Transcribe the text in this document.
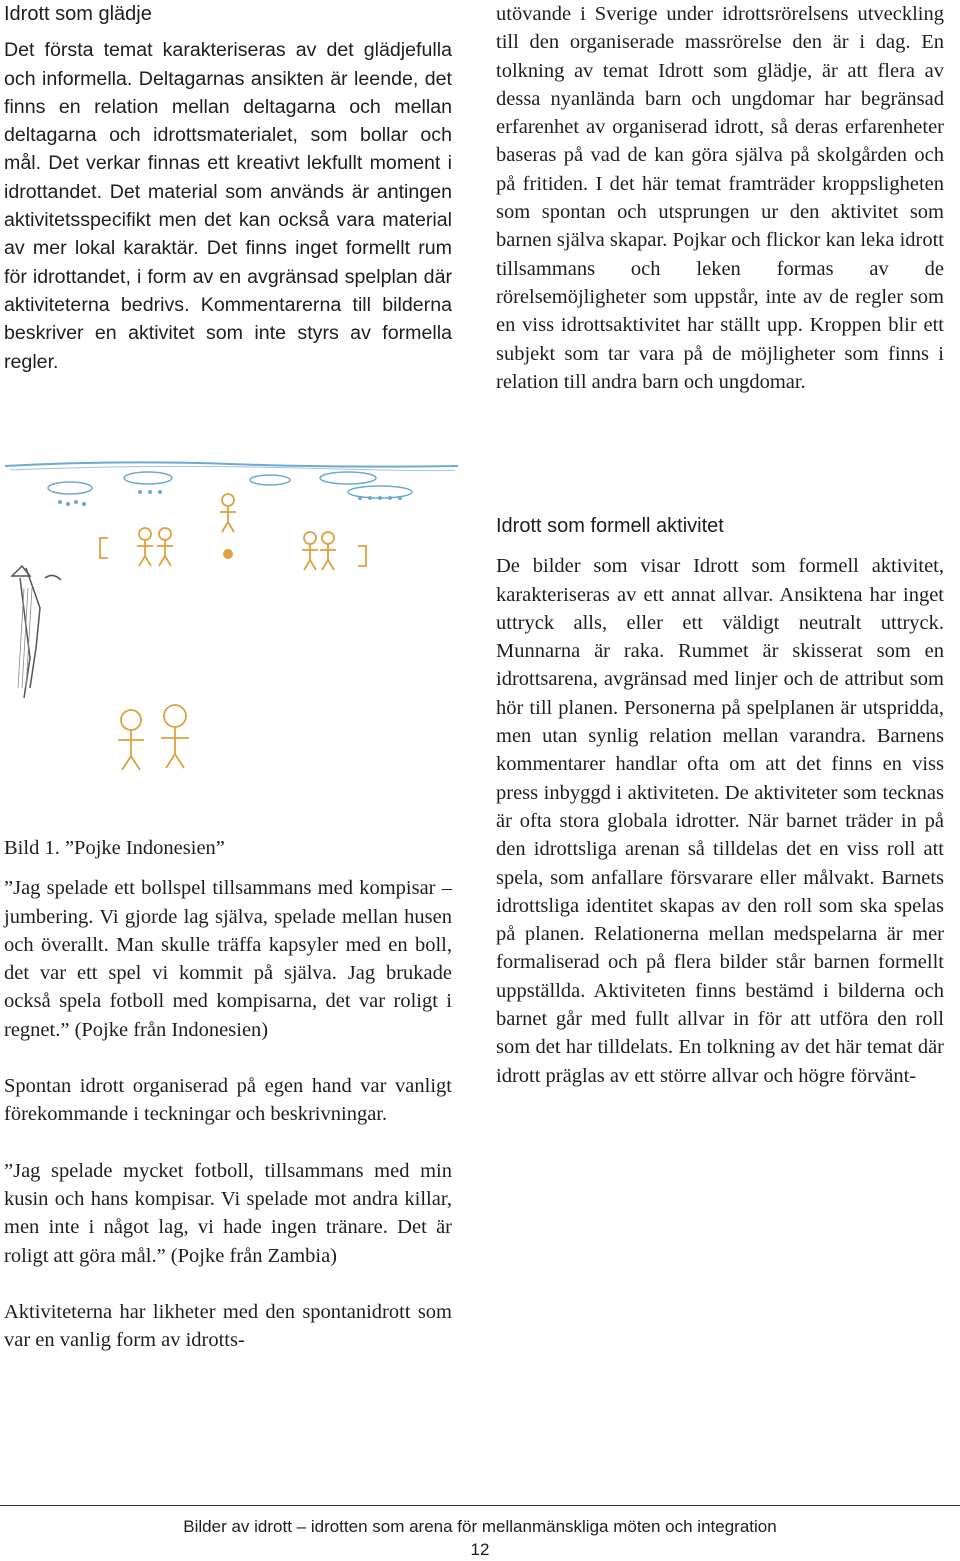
Idrott som glädje

Det första temat karakteriseras av det glädjefulla och informella. Deltagarnas ansikten är leende, det finns en relation mellan deltagarna och mellan deltagarna och idrottsmaterialet, som bollar och mål. Det verkar finnas ett kreativt lekfullt moment i idrottandet. Det material som används är antingen aktivitetsspecifikt men det kan också vara material av mer lokal karaktär. Det finns inget formellt rum för idrottandet, i form av en avgränsad spelplan där aktiviteterna bedrivs. Kommentarerna till bilderna beskriver en aktivitet som inte styrs av formella regler.

Bild 1. ”Pojke Indonesien”

”Jag spelade ett bollspel tillsammans med kompisar – jumbering. Vi gjorde lag själva, spelade mellan husen och överallt. Man skulle träffa kapsyler med en boll, det var ett spel vi kommit på själva. Jag brukade också spela fotboll med kompisarna, det var roligt i regnet.” (Pojke från Indonesien)

Spontan idrott organiserad på egen hand var vanligt förekommande i teckningar och beskrivningar.

”Jag spelade mycket fotboll, tillsammans med min kusin och hans kompisar. Vi spelade mot andra killar, men inte i något lag, vi hade ingen tränare. Det är roligt att göra mål.” (Pojke från Zambia)

Aktiviteterna har likheter med den spontanidrott som var en vanlig form av idrotts-

utövande i Sverige under idrottsrörelsens utveckling till den organiserade massrörelse den är i dag. En tolkning av temat Idrott som glädje, är att flera av dessa nyanlända barn och ungdomar har begränsad erfarenhet av organiserad idrott, så deras erfarenheter baseras på vad de kan göra själva på skolgården och på fritiden. I det här temat framträder kroppsligheten som spontan och utsprungen ur den aktivitet som barnen själva skapar. Pojkar och flickor kan leka idrott tillsammans och leken formas av de rörelsemöjligheter som uppstår, inte av de regler som en viss idrottsaktivitet har ställt upp. Kroppen blir ett subjekt som tar vara på de möjligheter som finns i relation till andra barn och ungdomar.

Idrott som formell aktivitet

De bilder som visar Idrott som formell aktivitet, karakteriseras av ett annat allvar. Ansiktena har inget uttryck alls, eller ett väldigt neutralt uttryck. Munnarna är raka. Rummet är skisserat som en idrottsarena, avgränsad med linjer och de attribut som hör till planen. Personerna på spelplanen är utspridda, men utan synlig relation mellan varandra. Barnens kommentarer handlar ofta om att det finns en viss press inbyggd i aktiviteten. De aktiviteter som tecknas är ofta stora globala idrotter. När barnet träder in på den idrottsliga arenan så tilldelas det en viss roll att spela, som anfallare försvarare eller målvakt. Barnets idrottsliga identitet skapas av den roll som ska spelas på planen. Relationerna mellan medspelarna är mer formaliserad och på flera bilder står barnen formellt uppställda. Aktiviteten finns bestämd i bilderna och barnet går med fullt allvar in för att utföra den roll som det har tilldelats. En tolkning av det här temat där idrott präglas av ett större allvar och högre förvänt-

Bilder av idrott – idrotten som arena för mellanmänskliga möten och integration
12
